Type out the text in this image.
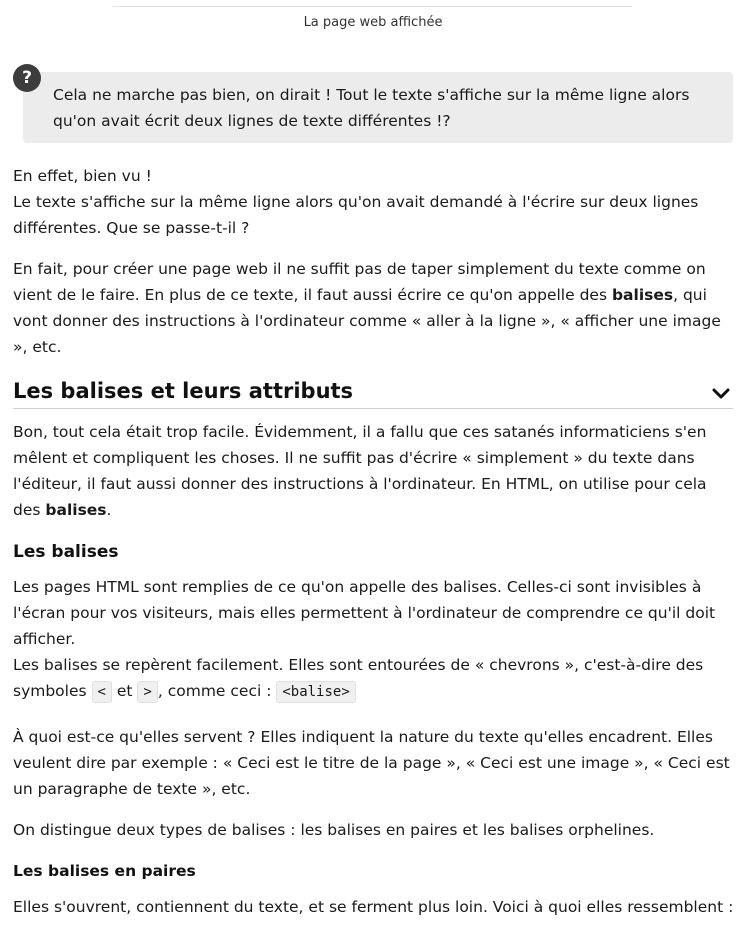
La page web affichée
?
Cela ne marche pas bien, on dirait ! Tout le texte s'affiche sur la même ligne alors qu'on avait écrit deux lignes de texte différentes !?

En effet, bien vu !
Le texte s'affiche sur la même ligne alors qu'on avait demandé à l'écrire sur deux lignes différentes. Que se passe-t-il ?

En fait, pour créer une page web il ne suffit pas de taper simplement du texte comme on vient de le faire. En plus de ce texte, il faut aussi écrire ce qu'on appelle des balises, qui vont donner des instructions à l'ordinateur comme « aller à la ligne », « afficher une image », etc.

Les balises et leurs attributs

Bon, tout cela était trop facile. Évidemment, il a fallu que ces satanés informaticiens s'en mêlent et compliquent les choses. Il ne suffit pas d'écrire « simplement » du texte dans l'éditeur, il faut aussi donner des instructions à l'ordinateur. En HTML, on utilise pour cela des balises.

Les balises

Les pages HTML sont remplies de ce qu'on appelle des balises. Celles-ci sont invisibles à l'écran pour vos visiteurs, mais elles permettent à l'ordinateur de comprendre ce qu'il doit afficher.
Les balises se repèrent facilement. Elles sont entourées de « chevrons », c'est-à-dire des symboles < et > , comme ceci : <balise>

À quoi est-ce qu'elles servent ? Elles indiquent la nature du texte qu'elles encadrent. Elles veulent dire par exemple : « Ceci est le titre de la page », « Ceci est une image », « Ceci est un paragraphe de texte », etc.

On distingue deux types de balises : les balises en paires et les balises orphelines.

Les balises en paires

Elles s'ouvrent, contiennent du texte, et se ferment plus loin. Voici à quoi elles ressemblent :
